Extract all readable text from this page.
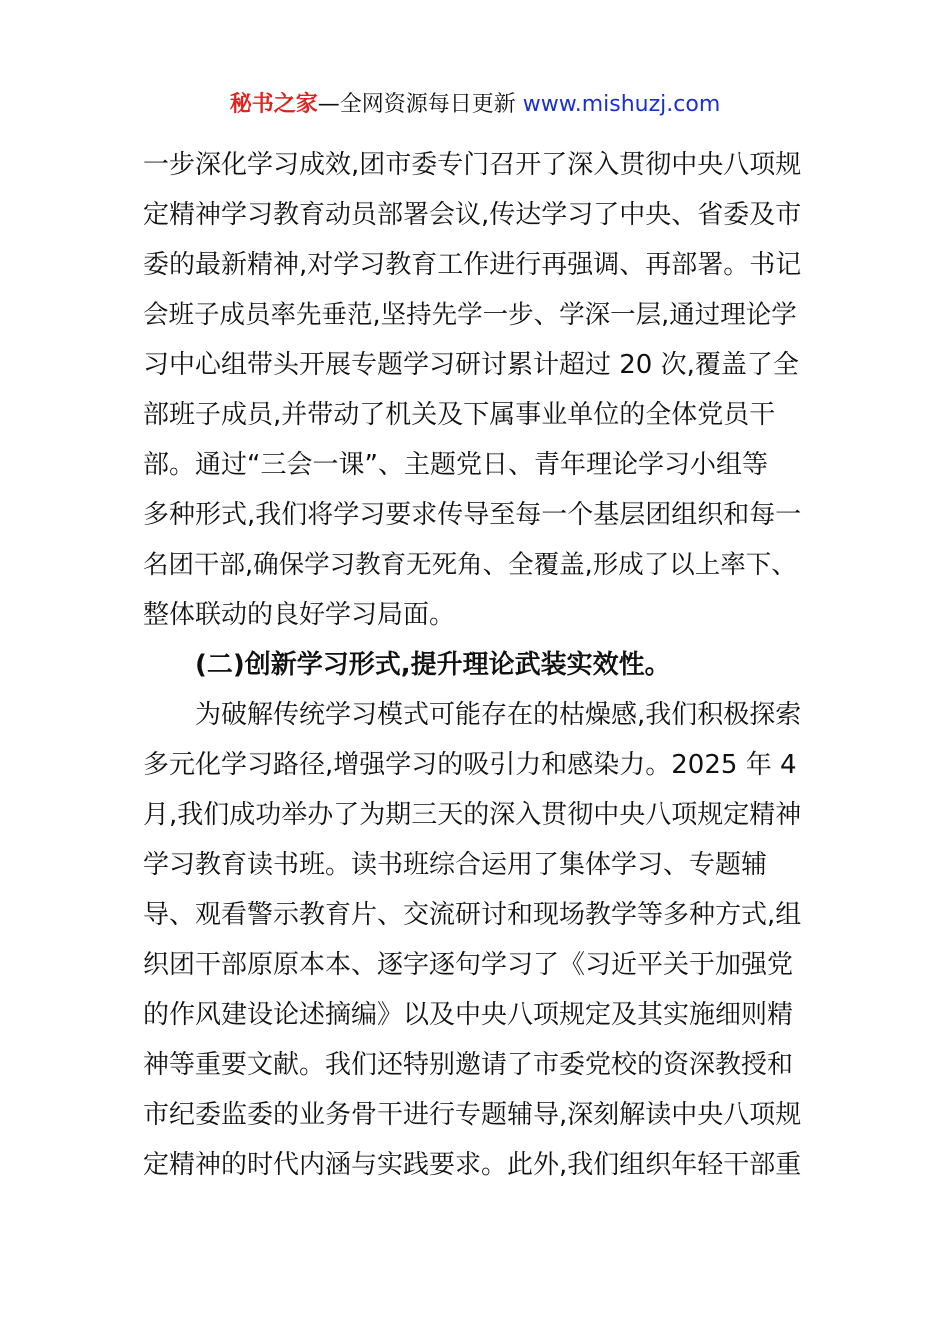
秘书之家—全网资源每日更新 www.mishuzj.com
一步深化学习成效,团市委专门召开了深入贯彻中央八项规
定精神学习教育动员部署会议,传达学习了中央、省委及市
委的最新精神,对学习教育工作进行再强调、再部署。书记
会班子成员率先垂范,坚持先学一步、学深一层,通过理论学
习中心组带头开展专题学习研讨累计超过 20 次,覆盖了全
部班子成员,并带动了机关及下属事业单位的全体党员干
部。通过“三会一课”、主题党日、青年理论学习小组等
多种形式,我们将学习要求传导至每一个基层团组织和每一
名团干部,确保学习教育无死角、全覆盖,形成了以上率下、
整体联动的良好学习局面。
(二)创新学习形式,提升理论武装实效性。
为破解传统学习模式可能存在的枯燥感,我们积极探索
多元化学习路径,增强学习的吸引力和感染力。2025 年 4
月,我们成功举办了为期三天的深入贯彻中央八项规定精神
学习教育读书班。读书班综合运用了集体学习、专题辅
导、观看警示教育片、交流研讨和现场教学等多种方式,组
织团干部原原本本、逐字逐句学习了《习近平关于加强党
的作风建设论述摘编》以及中央八项规定及其实施细则精
神等重要文献。我们还特别邀请了市委党校的资深教授和
市纪委监委的业务骨干进行专题辅导,深刻解读中央八项规
定精神的时代内涵与实践要求。此外,我们组织年轻干部重
